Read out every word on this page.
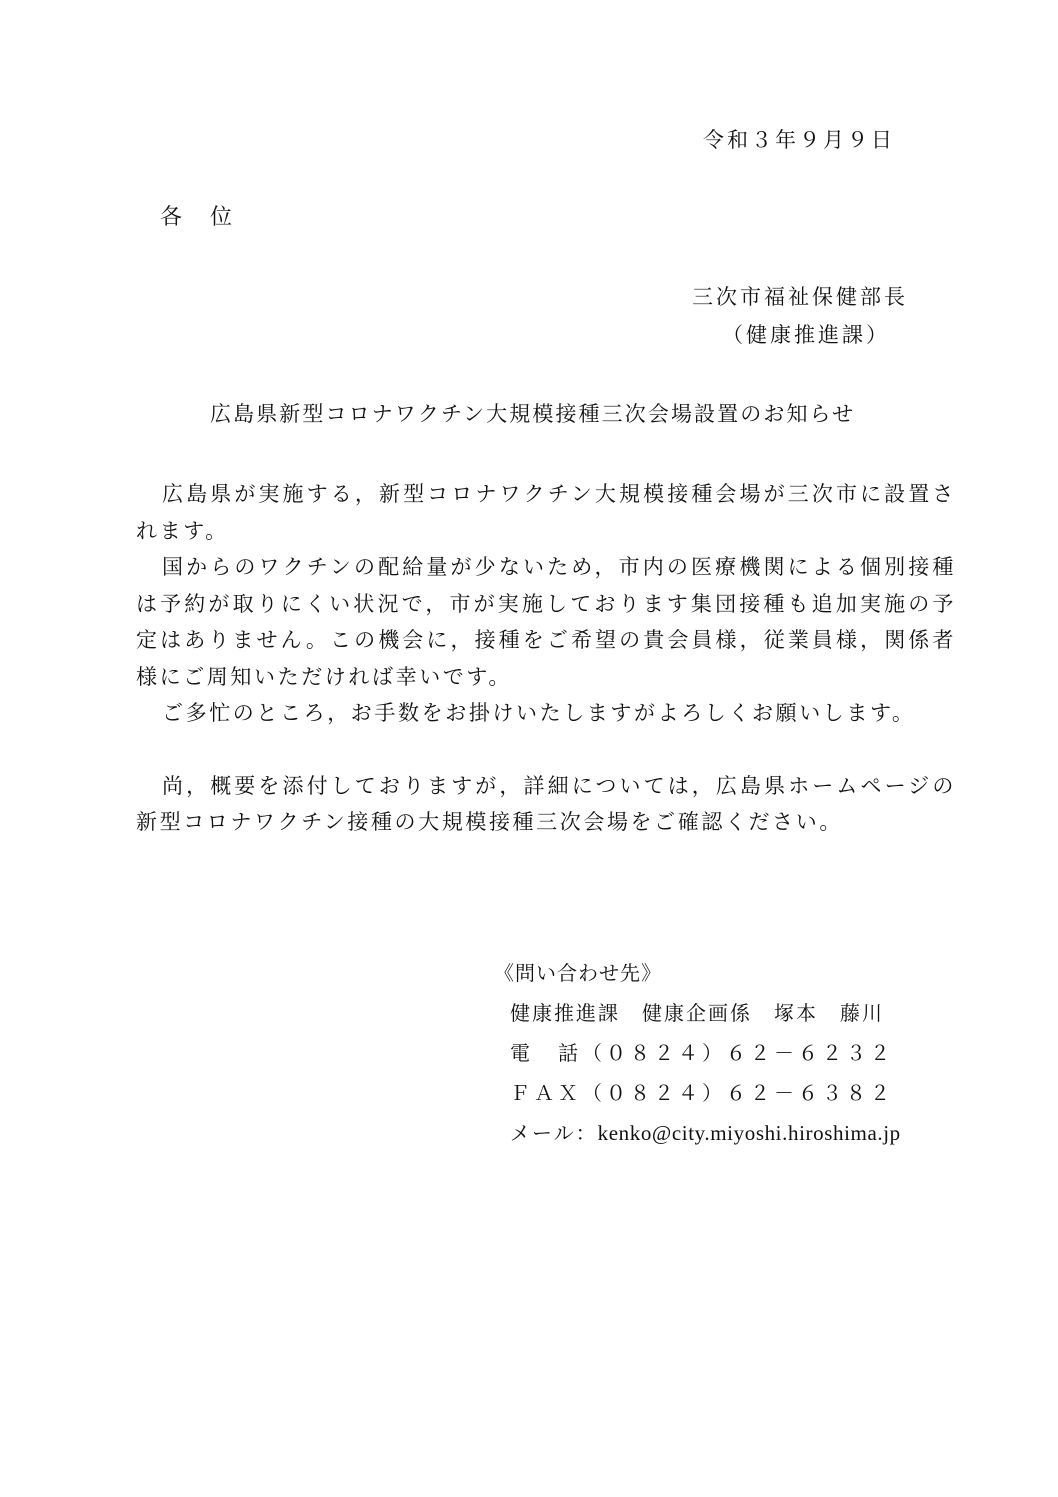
令和３年９月９日
各位
三次市福祉保健部長
（健康推進課）
広島県新型コロナワクチン大規模接種三次会場設置のお知らせ

広島県が実施する，新型コロナワクチン大規模接種会場が三次市に設置されます。

国からのワクチンの配給量が少ないため，市内の医療機関による個別接種は予約が取りにくい状況で，市が実施しております集団接種も追加実施の予定はありません。この機会に，接種をご希望の貴会員様，従業員様，関係者様にご周知いただければ幸いです。

ご多忙のところ，お手数をお掛けいたしますがよろしくお願いします。

尚，概要を添付しておりますが，詳細については，広島県ホームページの新型コロナワクチン接種の大規模接種三次会場をご確認ください。

《問い合わせ先》
健康推進課　健康企画係　塚本　藤川
電　話（０８２４）６２－６２３２
ＦＡＸ（０８２４）６２－６３８２
メール：kenko@city.miyoshi.hiroshima.jp
